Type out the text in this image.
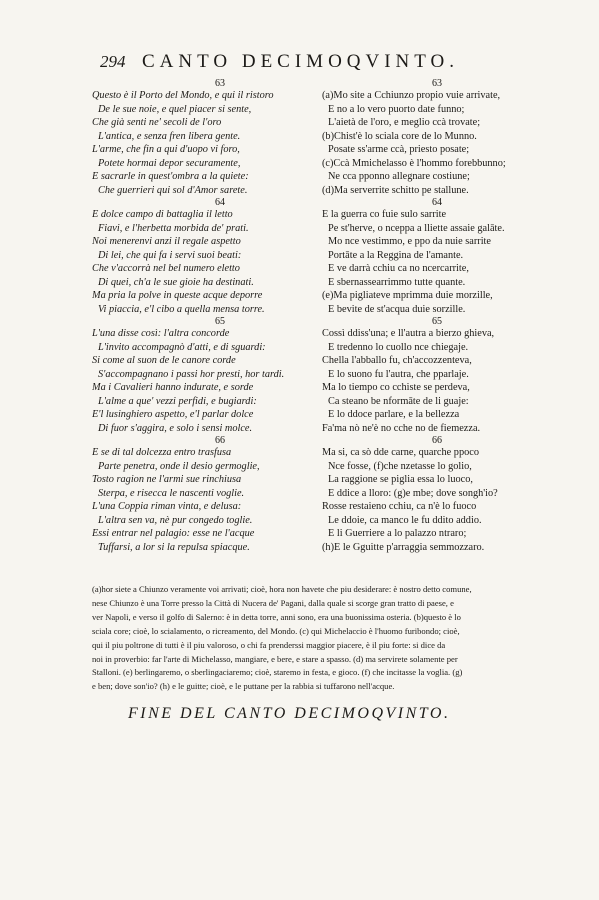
294 CANTO DECIMOQVINTO.
63
Questo è il Porto del Mondo, e qui il ristoro
De le sue noie, e quel piacer si sente,
Che già senti ne' secoli de l'oro
L'antica, e senza fren libera gente.
L'arme, che fin a qui d'uopo vi foro,
Potete hormai depor securamente,
E sacrarle in quest'ombra a la quiete:
Che guerrieri qui sol d'Amor sarete.
64
E dolce campo di battaglia il letto
Fiavi, e l'herbetta morbida de' prati.
Noi menerenvi anzi il regale aspetto
Di lei, che qui fa i servi suoi beati:
Che v'accorrà nel bel numero eletto
Di quei, ch'a le sue gioie ha destinati.
Ma pria la polve in queste acque deporre
Vi piaccia, e'l cibo a quella mensa torre.
65
L'una disse così: l'altra concorde
L'invito accompagnò d'atti, e di sguardi:
Si come al suon de le canore corde
S'accompagnano i passi hor presti, hor tardi.
Ma i Cavalieri hanno indurate, e sorde
L'alme a que' vezzi perfidi, e bugiardi:
E'l lusinghiero aspetto, e'l parlar dolce
Di fuor s'aggira, e solo i sensi molce.
66
E se di tal dolcezza entro trasfusa
Parte penetra, onde il desio germoglie,
Tosto ragion ne l'armi sue rinchiusa
Sterpa, e risecca le nascenti voglie.
L'una Coppia riman vinta, e delusa:
L'altra sen va, nè pur congedo toglie.
Essi entrar nel palagio: esse ne l'acque
Tuffarsi, a lor si la repulsa spiacque.
63
(a)Mo site a Cchiunzo propio vuie arrivate,
E no a lo vero puorto date funno;
L'aietà de l'oro, e meglio ccà trovate;
(b)Chist'è lo sciala core de lo Munno.
Posate ss'arme ccà, priesto posate;
(c)Ccà Mmichelasso è l'hommo forebbunno;
Ne cca pponno allegnare costiune;
(d)Ma serverrite schitto pe stallune.
64
E la guerra co fuie sulo sarrite
Pe st'herve, o nceppa a lliette assaie galāte.
Mo nce vestimmo, e ppo da nuie sarrite
Portāte a la Reggina de l'amante.
E ve darrà cchiu ca no ncercarrite,
E sbernassearrimmo tutte quante.
(e)Ma pigliateve mprimma duie morzille,
E bevite de st'acqua duie sorzille.
65
Cossì ddiss'una; e ll'autra a bierzo ghieva,
E tredenno lo cuollo nce chiegaje.
Chella l'abballo fu, ch'accozzenteva,
E lo suono fu l'autra, che pparlaje.
Ma lo tiempo co cchiste se perdeva,
Ca steano be nformāte de li guaje:
E lo ddoce parlare, e la bellezza
Fa'ma nò ne'è no cche no de fiemezza.
66
Ma si, ca sò dde carne, quarche ppoco
Nce fosse, (f)che nzetasse lo golio,
La raggione se piglia essa lo luoco,
E ddice a lloro: (g)e mbe; dove songh'io?
Rosse restaieno cchiu, ca n'è lo fuoco
Le ddoie, ca manco le fu ddito addio.
E li Guerriere a lo palazzo ntraro;
(h)E le Gguitte p'arraggia semmozzaro.

(a)hor siete a Chiunzo veramente voi arrivati; cioè, hora non havete che piu desiderare: è nostro detto comune,

nese Chiunzo è una Torre presso la Città di Nucera de' Pagani, dalla quale si scorge gran tratto di paese, e

ver Napoli, e verso il golfo di Salerno: è in detta torre, anni sono, era una buonissima osteria. (b)questo è lo

sciala core; cioè, lo scialamento, o ricreamento, del Mondo. (c) qui Michelaccio è l'huomo furibondo; cioè,

qui il piu poltrone di tutti è il piu valoroso, o chi fa prenderssi maggior piacere, è il piu forte: si dice da

noi in proverbio: far l'arte di Michelasso, mangiare, e bere, e stare a spasso. (d) ma servirete solamente per

Stalloni. (e) berlingaremo, o sberlingaciaremo; cioè, staremo in festa, e gioco. (f) che incitasse la voglia. (g)

e ben; dove son'io? (h) e le guitte; cioè, e le puttane per la rabbia si tuffarono nell'acque.

FINE DEL CANTO DECIMOQVINTO.
